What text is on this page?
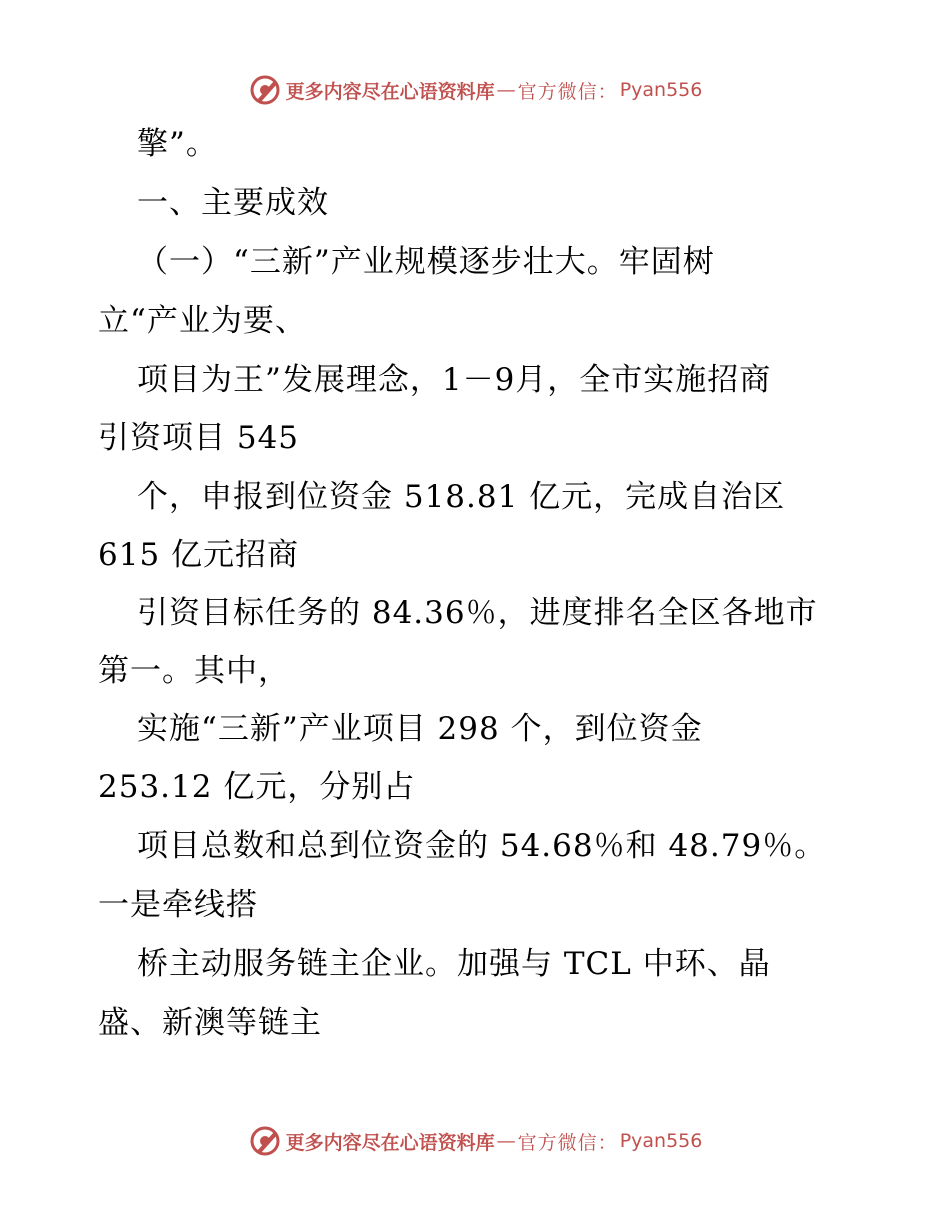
更多内容尽在心语资料库 — 官方微信： Pyan556
擎”。
一、主要成效
（一）“三新”产业规模逐步壮大。牢固树
立“产业为要、
项目为王”发展理念，1－9月，全市实施招商
引资项目 545
个，申报到位资金 518.81 亿元，完成自治区
615 亿元招商
引资目标任务的 84.36％，进度排名全区各地市
第一。其中，
实施“三新”产业项目 298 个，到位资金
253.12 亿元，分别占
项目总数和总到位资金的 54.68％和 48.79％。
一是牵线搭
桥主动服务链主企业。加强与 TCL 中环、晶
盛、新澳等链主
更多内容尽在心语资料库 — 官方微信： Pyan556
